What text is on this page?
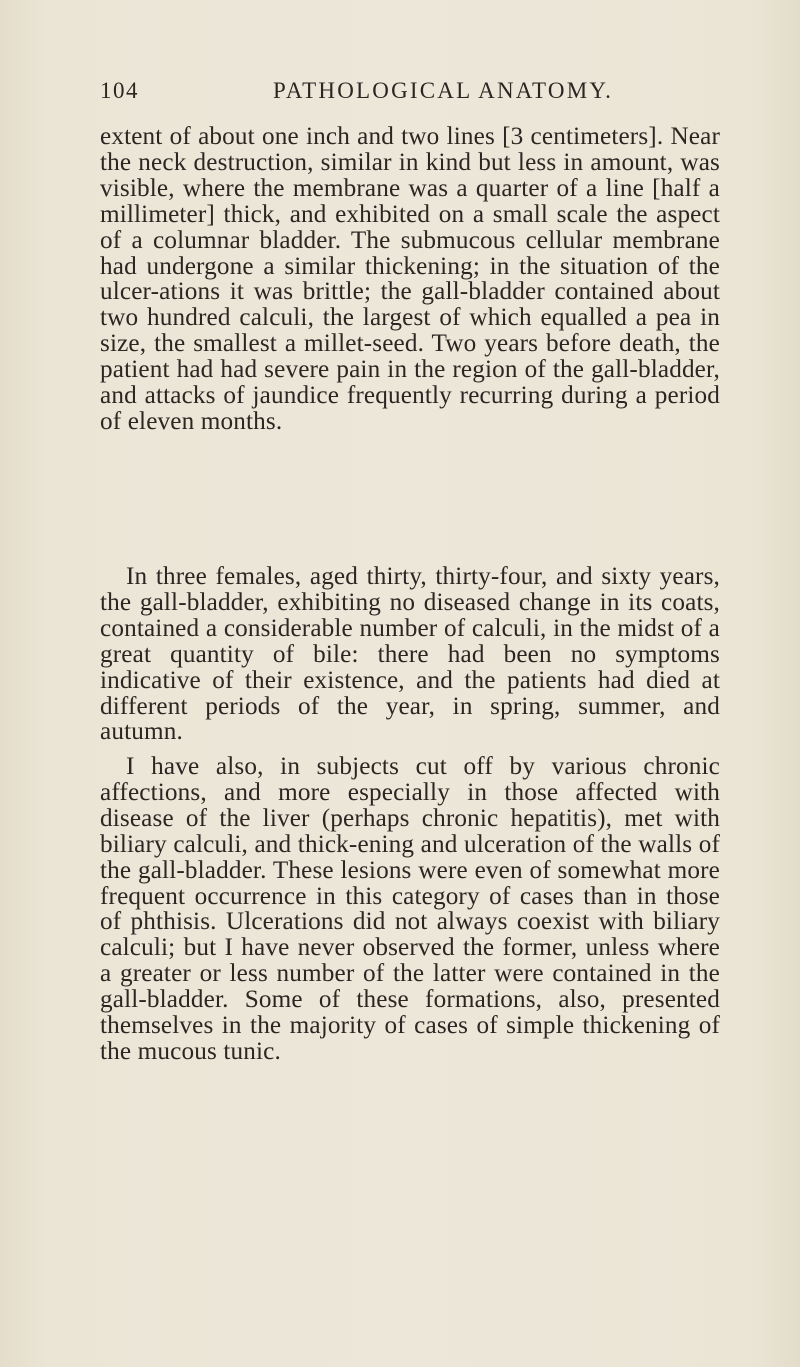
104	PATHOLOGICAL ANATOMY.

extent of about one inch and two lines [3 centimeters]. Near the neck destruction, similar in kind but less in amount, was visible, where the membrane was a quarter of a line [half a millimeter] thick, and exhibited on a small scale the aspect of a columnar bladder. The submucous cellular membrane had undergone a similar thickening; in the situation of the ulcer-ations it was brittle; the gall-bladder contained about two hundred calculi, the largest of which equalled a pea in size, the smallest a millet-seed. Two years before death, the patient had had severe pain in the region of the gall-bladder, and attacks of jaundice frequently recurring during a period of eleven months.

In three females, aged thirty, thirty-four, and sixty years, the gall-bladder, exhibiting no diseased change in its coats, contained a considerable number of calculi, in the midst of a great quantity of bile: there had been no symptoms indicative of their existence, and the patients had died at different periods of the year, in spring, summer, and autumn.

I have also, in subjects cut off by various chronic affections, and more especially in those affected with disease of the liver (perhaps chronic hepatitis), met with biliary calculi, and thick-ening and ulceration of the walls of the gall-bladder. These lesions were even of somewhat more frequent occurrence in this category of cases than in those of phthisis. Ulcerations did not always coexist with biliary calculi; but I have never observed the former, unless where a greater or less number of the latter were contained in the gall-bladder. Some of these formations, also, presented themselves in the majority of cases of simple thickening of the mucous tunic.
